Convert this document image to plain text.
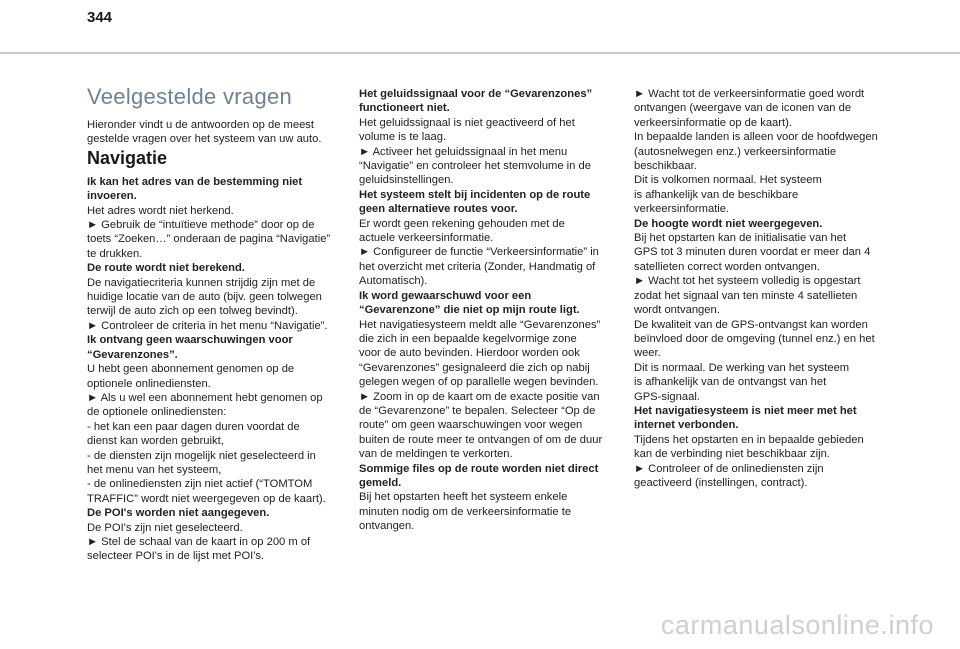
344
Veelgestelde vragen

Hieronder vindt u de antwoorden op de meest
gestelde vragen over het systeem van uw auto.

Navigatie

Ik kan het adres van de bestemming niet
invoeren.

Het adres wordt niet herkend.

► Gebruik de “intuïtieve methode” door op de
toets “Zoeken…” onderaan de pagina “Navigatie”
te drukken.

De route wordt niet berekend.

De navigatiecriteria kunnen strijdig zijn met de
huidige locatie van de auto (bijv. geen tolwegen
terwijl de auto zich op een tolweg bevindt).

► Controleer de criteria in het menu “Navigatie”.

Ik ontvang geen waarschuwingen voor
“Gevarenzones”.

U hebt geen abonnement genomen op de
optionele onlinediensten.

► Als u wel een abonnement hebt genomen op
de optionele onlinediensten:

- het kan een paar dagen duren voordat de
dienst kan worden gebruikt,

- de diensten zijn mogelijk niet geselecteerd in
het menu van het systeem,

- de onlinediensten zijn niet actief (“TOMTOM
TRAFFIC” wordt niet weergegeven op de kaart).

De POI's worden niet aangegeven.

De POI's zijn niet geselecteerd.

► Stel de schaal van de kaart in op 200 m of
selecteer POI's in de lijst met POI's.

Het geluidssignaal voor de “Gevarenzones”
functioneert niet.

Het geluidssignaal is niet geactiveerd of het
volume is te laag.

► Activeer het geluidssignaal in het menu
“Navigatie” en controleer het stemvolume in de
geluidsinstellingen.

Het systeem stelt bij incidenten op de route
geen alternatieve routes voor.

Er wordt geen rekening gehouden met de
actuele verkeersinformatie.

► Configureer de functie “Verkeersinformatie” in
het overzicht met criteria (Zonder, Handmatig of
Automatisch).

Ik word gewaarschuwd voor een
“Gevarenzone” die niet op mijn route ligt.

Het navigatiesysteem meldt alle “Gevarenzones”
die zich in een bepaalde kegelvormige zone
voor de auto bevinden. Hierdoor worden ook
“Gevarenzones” gesignaleerd die zich op nabij
gelegen wegen of op parallelle wegen bevinden.

► Zoom in op de kaart om de exacte positie van
de “Gevarenzone” te bepalen. Selecteer “Op de
route” om geen waarschuwingen voor wegen
buiten de route meer te ontvangen of om de duur
van de meldingen te verkorten.

Sommige files op de route worden niet direct
gemeld.

Bij het opstarten heeft het systeem enkele
minuten nodig om de verkeersinformatie te
ontvangen.

► Wacht tot de verkeersinformatie goed wordt
ontvangen (weergave van de iconen van de
verkeersinformatie op de kaart).

In bepaalde landen is alleen voor de hoofdwegen
(autosnelwegen enz.) verkeersinformatie
beschikbaar.

Dit is volkomen normaal. Het systeem
is afhankelijk van de beschikbare
verkeersinformatie.

De hoogte wordt niet weergegeven.

Bij het opstarten kan de initialisatie van het
GPS tot 3 minuten duren voordat er meer dan 4
satellieten correct worden ontvangen.

► Wacht tot het systeem volledig is opgestart
zodat het signaal van ten minste 4 satellieten
wordt ontvangen.

De kwaliteit van de GPS-ontvangst kan worden
beïnvloed door de omgeving (tunnel enz.) en het
weer.

Dit is normaal. De werking van het systeem
is afhankelijk van de ontvangst van het
GPS-signaal.

Het navigatiesysteem is niet meer met het
internet verbonden.

Tijdens het opstarten en in bepaalde gebieden
kan de verbinding niet beschikbaar zijn.

► Controleer of de onlinediensten zijn
geactiveerd (instellingen, contract).

carmanualsonline.info
